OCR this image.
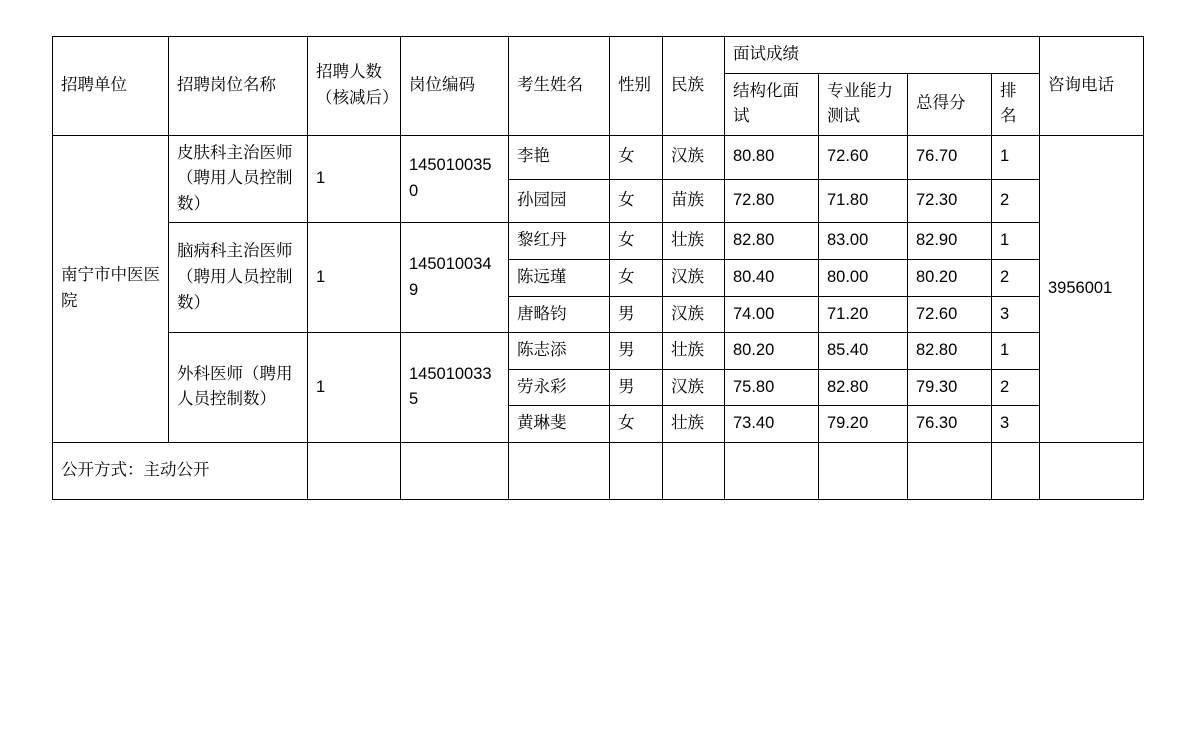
招聘单位	招聘岗位名称	招聘人数（核减后）	岗位编码	考生姓名	性别	民族	面试成绩				咨询电话
							结构化面试	专业能力测试	总得分	排名	
南宁市中医医院	皮肤科主治医师（聘用人员控制数）	1	1450100350	李艳	女	汉族	80.80	72.60	76.70	1	3956001
				孙园园	女	苗族	72.80	71.80	72.30	2	
	脑病科主治医师（聘用人员控制数）	1	1450100349	黎红丹	女	壮族	82.80	83.00	82.90	1	
				陈远瑾	女	汉族	80.40	80.00	80.20	2	
				唐略钧	男	汉族	74.00	71.20	72.60	3	
	外科医师（聘用人员控制数）	1	1450100335	陈志添	男	壮族	80.20	85.40	82.80	1	
				劳永彩	男	汉族	75.80	82.80	79.30	2	
				黄琳斐	女	壮族	73.40	79.20	76.30	3	
公开方式：主动公开											
